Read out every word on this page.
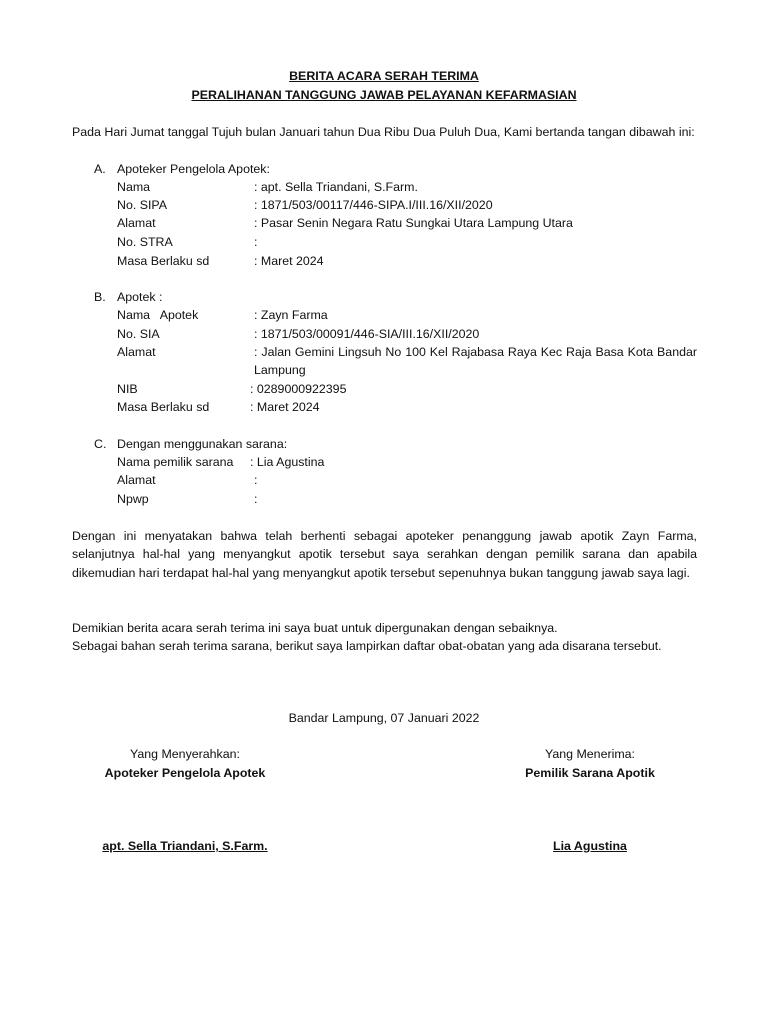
BERITA ACARA SERAH TERIMA
PERALIHANAN TANGGUNG JAWAB PELAYANAN KEFARMASIAN
Pada Hari Jumat tanggal Tujuh bulan Januari tahun Dua Ribu Dua Puluh Dua, Kami bertanda tangan dibawah ini:
A. Apoteker Pengelola Apotek:
Nama	: apt. Sella Triandani, S.Farm.
No. SIPA	: 1871/503/00117/446-SIPA.I/III.16/XII/2020
Alamat	: Pasar Senin Negara Ratu Sungkai Utara Lampung Utara
No. STRA	:
Masa Berlaku sd	: Maret 2024
B. Apotek :
Nama   Apotek	: Zayn Farma
No. SIA	: 1871/503/00091/446-SIA/III.16/XII/2020
Alamat	: Jalan Gemini Lingsuh No 100 Kel Rajabasa Raya Kec Raja Basa Kota Bandar Lampung
NIB	: 0289000922395
Masa Berlaku sd	: Maret 2024
C. Dengan menggunakan sarana:
Nama pemilik sarana : Lia Agustina
Alamat	:
Npwp	:
Dengan ini menyatakan bahwa telah berhenti sebagai apoteker penanggung jawab apotik Zayn Farma, selanjutnya hal-hal yang menyangkut apotik tersebut saya serahkan dengan pemilik sarana dan apabila dikemudian hari terdapat hal-hal yang menyangkut apotik tersebut sepenuhnya bukan tanggung jawab saya lagi.
Demikian berita acara serah terima ini saya buat untuk dipergunakan dengan sebaiknya.
Sebagai bahan serah terima sarana, berikut saya lampirkan daftar obat-obatan yang ada disarana tersebut.
Bandar Lampung, 07 Januari 2022
Yang Menyerahkan:
Apoteker Pengelola Apotek
apt. Sella Triandani, S.Farm.
Yang Menerima:
Pemilik Sarana Apotik
Lia Agustina
